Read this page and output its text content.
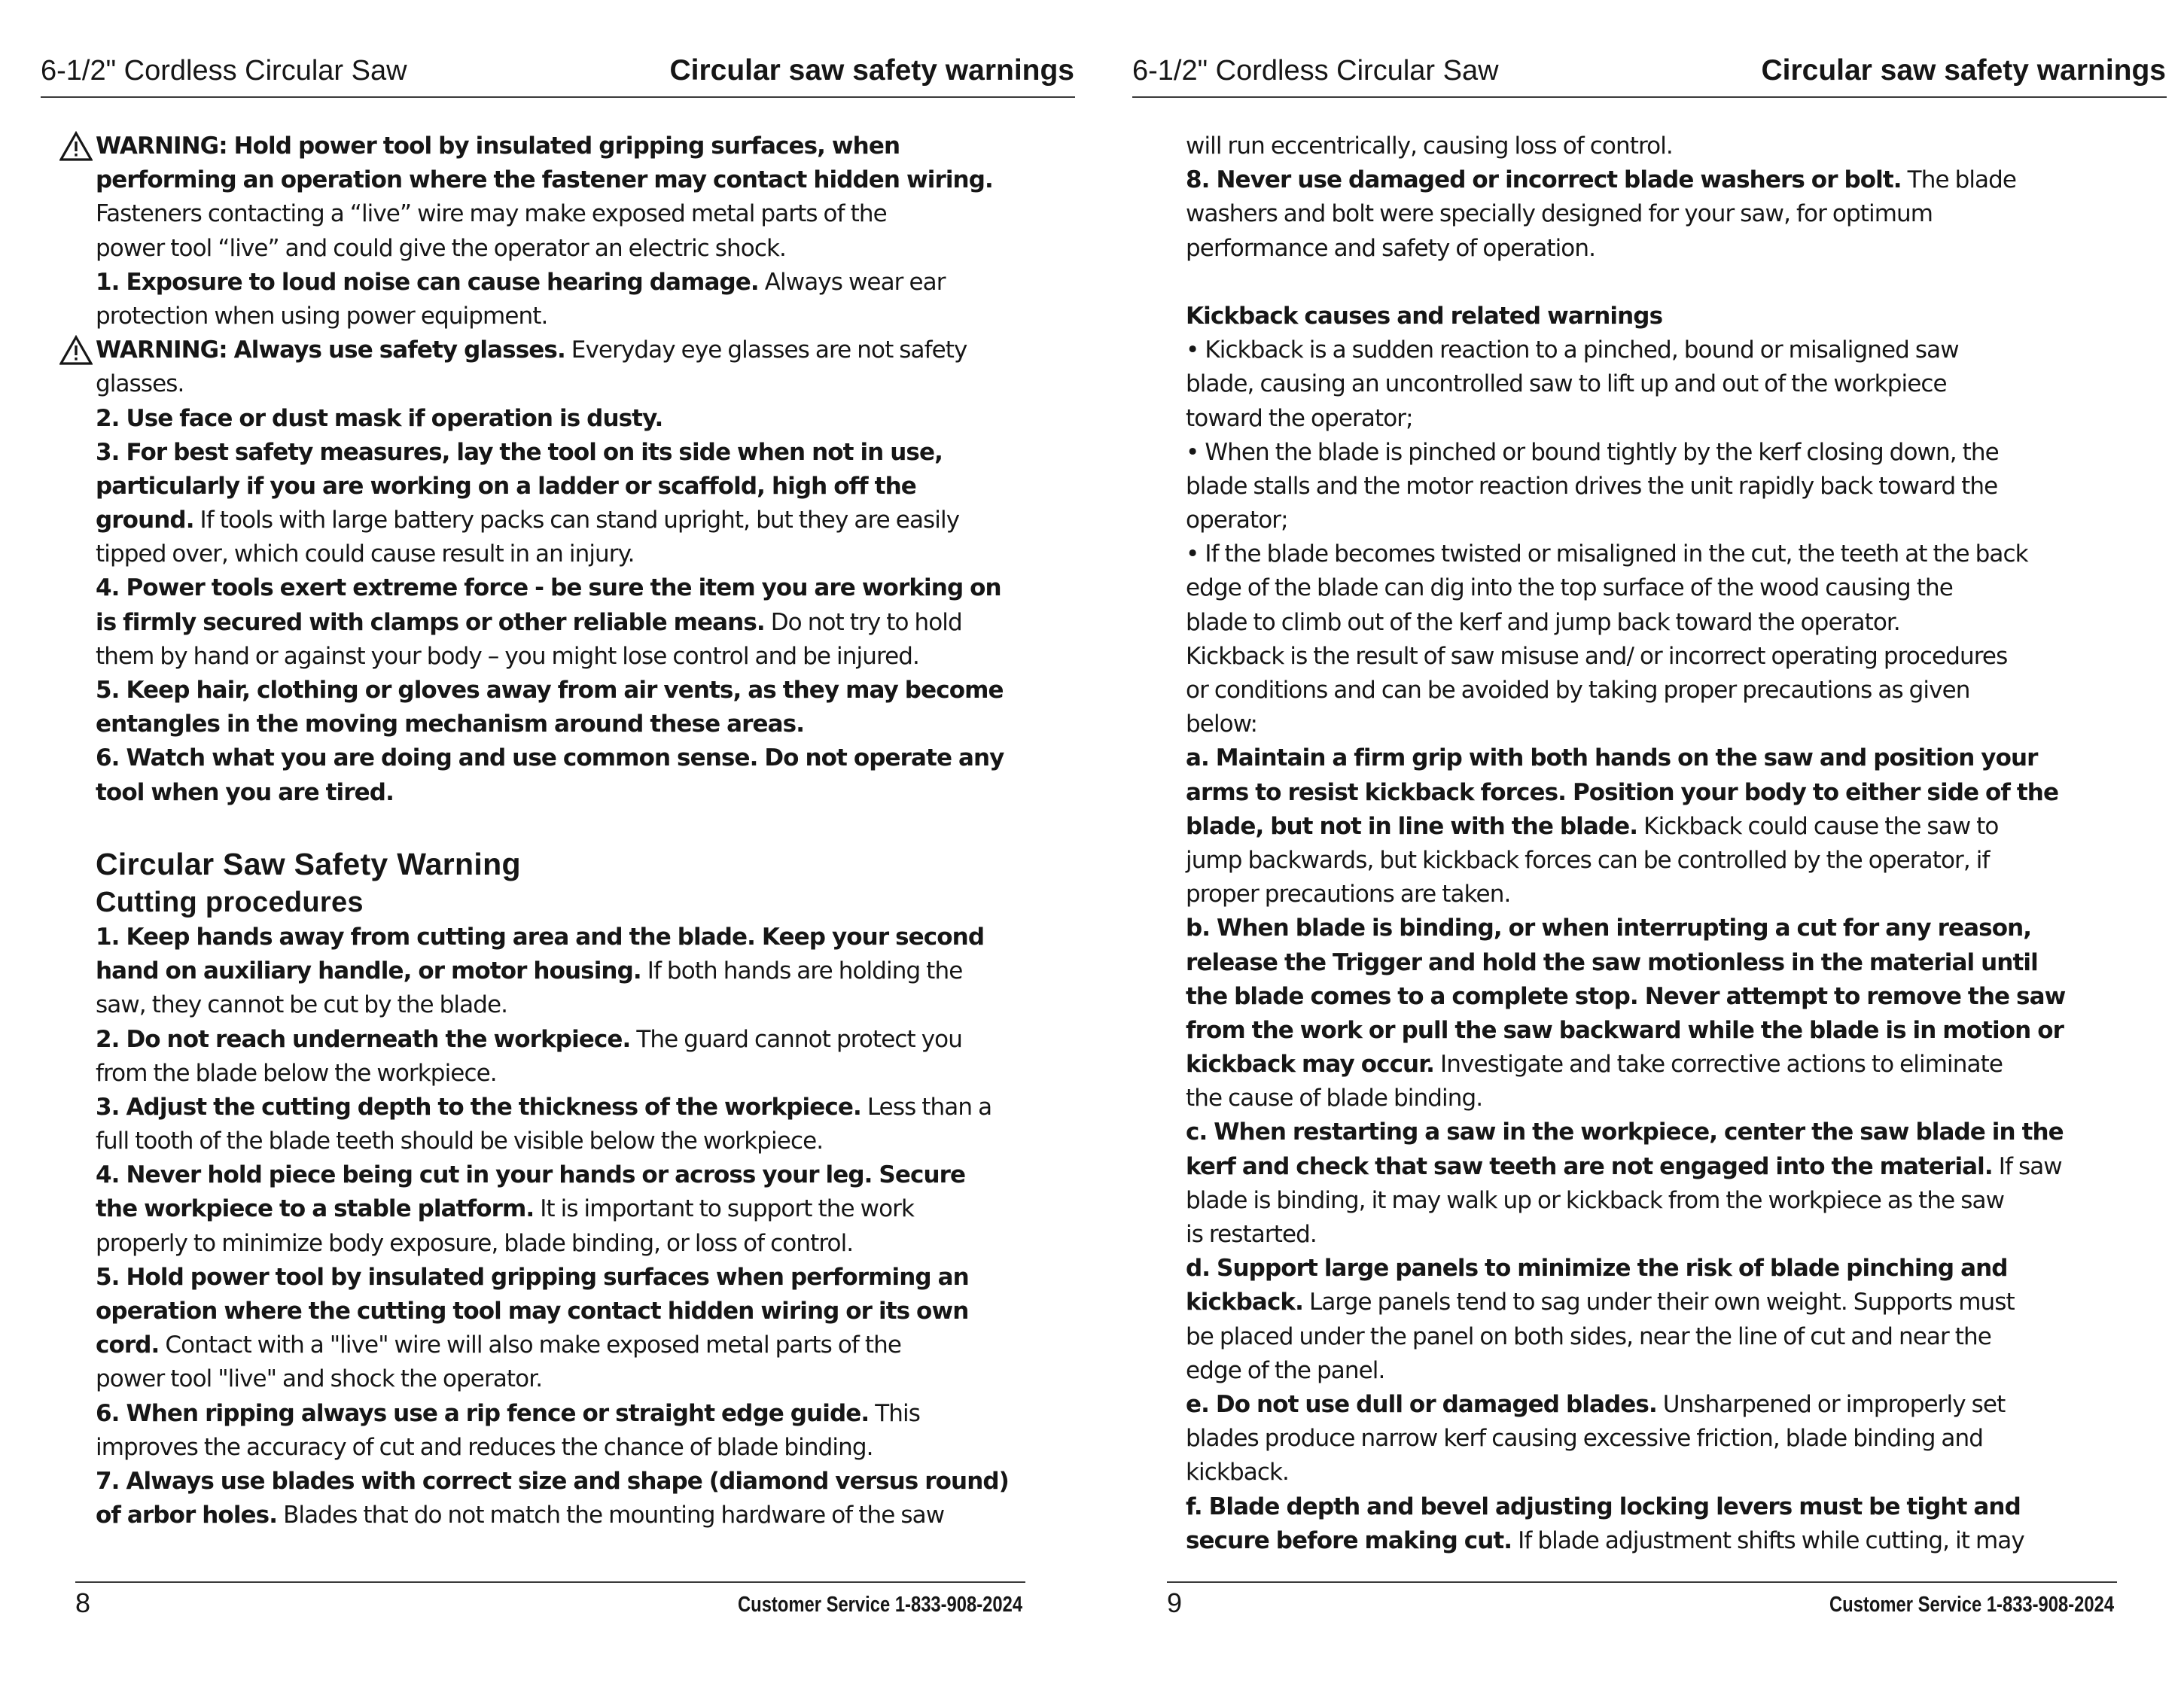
6-1/2" Cordless Circular Saw	Circular saw safety warnings
WARNING: Hold power tool by insulated gripping surfaces, when
performing an operation where the fastener may contact hidden wiring.
Fasteners contacting a “live” wire may make exposed metal parts of the
power tool “live” and could give the operator an electric shock.
1. Exposure to loud noise can cause hearing damage. Always wear ear
protection when using power equipment.
WARNING: Always use safety glasses. Everyday eye glasses are not safety
glasses.
2. Use face or dust mask if operation is dusty.
3. For best safety measures, lay the tool on its side when not in use,
particularly if you are working on a ladder or scaffold, high off the
ground. If tools with large battery packs can stand upright, but they are easily
tipped over, which could cause result in an injury.
4. Power tools exert extreme force - be sure the item you are working on
is firmly secured with clamps or other reliable means. Do not try to hold
them by hand or against your body – you might lose control and be injured.
5. Keep hair, clothing or gloves away from air vents, as they may become
entangles in the moving mechanism around these areas.
6. Watch what you are doing and use common sense. Do not operate any
tool when you are tired.
Circular Saw Safety Warning
Cutting procedures
1. Keep hands away from cutting area and the blade. Keep your second
hand on auxiliary handle, or motor housing. If both hands are holding the
saw, they cannot be cut by the blade.
2. Do not reach underneath the workpiece. The guard cannot protect you
from the blade below the workpiece.
3. Adjust the cutting depth to the thickness of the workpiece. Less than a
full tooth of the blade teeth should be visible below the workpiece.
4. Never hold piece being cut in your hands or across your leg. Secure
the workpiece to a stable platform. It is important to support the work
properly to minimize body exposure, blade binding, or loss of control.
5. Hold power tool by insulated gripping surfaces when performing an
operation where the cutting tool may contact hidden wiring or its own
cord. Contact with a "live" wire will also make exposed metal parts of the
power tool "live" and shock the operator.
6. When ripping always use a rip fence or straight edge guide. This
improves the accuracy of cut and reduces the chance of blade binding.
7. Always use blades with correct size and shape (diamond versus round)
of arbor holes. Blades that do not match the mounting hardware of the saw
8	Customer Service 1-833-908-2024
6-1/2" Cordless Circular Saw	Circular saw safety warnings
will run eccentrically, causing loss of control.
8. Never use damaged or incorrect blade washers or bolt. The blade
washers and bolt were specially designed for your saw, for optimum
performance and safety of operation.
Kickback causes and related warnings
• Kickback is a sudden reaction to a pinched, bound or misaligned saw
blade, causing an uncontrolled saw to lift up and out of the workpiece
toward the operator;
• When the blade is pinched or bound tightly by the kerf closing down, the
blade stalls and the motor reaction drives the unit rapidly back toward the
operator;
• If the blade becomes twisted or misaligned in the cut, the teeth at the back
edge of the blade can dig into the top surface of the wood causing the
blade to climb out of the kerf and jump back toward the operator.
Kickback is the result of saw misuse and/ or incorrect operating procedures
or conditions and can be avoided by taking proper precautions as given
below:
a. Maintain a firm grip with both hands on the saw and position your
arms to resist kickback forces. Position your body to either side of the
blade, but not in line with the blade. Kickback could cause the saw to
jump backwards, but kickback forces can be controlled by the operator, if
proper precautions are taken.
b. When blade is binding, or when interrupting a cut for any reason,
release the Trigger and hold the saw motionless in the material until
the blade comes to a complete stop. Never attempt to remove the saw
from the work or pull the saw backward while the blade is in motion or
kickback may occur. Investigate and take corrective actions to eliminate
the cause of blade binding.
c. When restarting a saw in the workpiece, center the saw blade in the
kerf and check that saw teeth are not engaged into the material. If saw
blade is binding, it may walk up or kickback from the workpiece as the saw
is restarted.
d. Support large panels to minimize the risk of blade pinching and
kickback. Large panels tend to sag under their own weight. Supports must
be placed under the panel on both sides, near the line of cut and near the
edge of the panel.
e. Do not use dull or damaged blades. Unsharpened or improperly set
blades produce narrow kerf causing excessive friction, blade binding and
kickback.
f. Blade depth and bevel adjusting locking levers must be tight and
secure before making cut. If blade adjustment shifts while cutting, it may
9	Customer Service 1-833-908-2024
